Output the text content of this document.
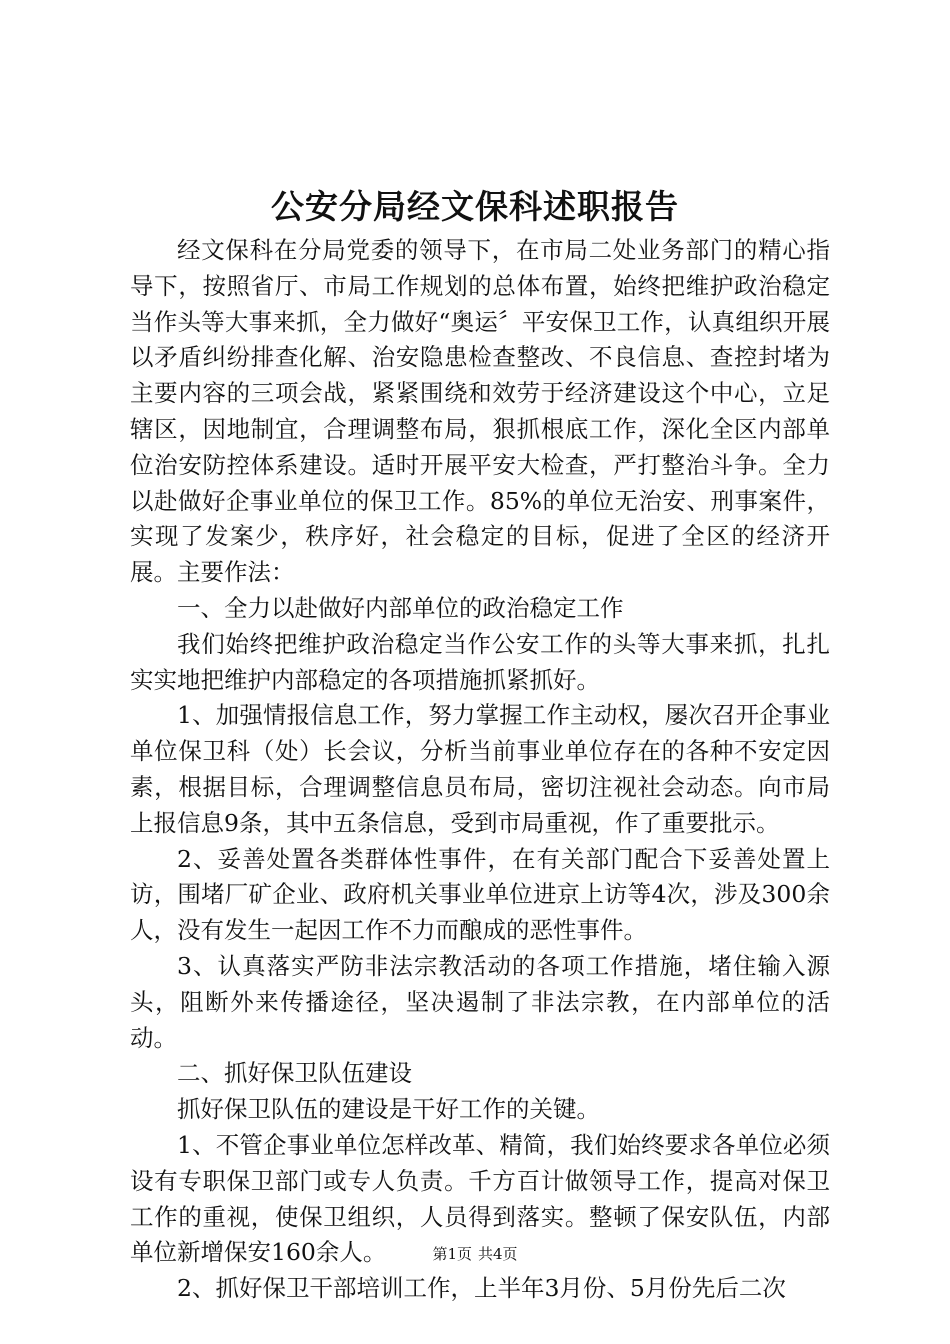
公安分局经文保科述职报告

经文保科在分局党委的领导下，在市局二处业务部门的精心指导下，按照省厅、市局工作规划的总体布置，始终把维护政治稳定当作头等大事来抓，全力做好“奥运〞平安保卫工作，认真组织开展以矛盾纠纷排查化解、治安隐患检查整改、不良信息、查控封堵为主要内容的三项会战，紧紧围绕和效劳于经济建设这个中心，立足辖区，因地制宜，合理调整布局，狠抓根底工作，深化全区内部单位治安防控体系建设。适时开展平安大检查，严打整治斗争。全力以赴做好企事业单位的保卫工作。85%的单位无治安、刑事案件，实现了发案少，秩序好，社会稳定的目标，促进了全区的经济开展。主要作法：

一、全力以赴做好内部单位的政治稳定工作

我们始终把维护政治稳定当作公安工作的头等大事来抓，扎扎实实地把维护内部稳定的各项措施抓紧抓好。

1、加强情报信息工作，努力掌握工作主动权，屡次召开企事业单位保卫科（处）长会议，分析当前事业单位存在的各种不安定因素，根据目标，合理调整信息员布局，密切注视社会动态。向市局上报信息9条，其中五条信息，受到市局重视，作了重要批示。

2、妥善处置各类群体性事件，在有关部门配合下妥善处置上访，围堵厂矿企业、政府机关事业单位进京上访等4次，涉及300余人，没有发生一起因工作不力而酿成的恶性事件。

3、认真落实严防非法宗教活动的各项工作措施，堵住输入源头，阻断外来传播途径，坚决遏制了非法宗教，在内部单位的活动。

二、抓好保卫队伍建设

抓好保卫队伍的建设是干好工作的关键。

1、不管企事业单位怎样改革、精简，我们始终要求各单位必须设有专职保卫部门或专人负责。千方百计做领导工作，提高对保卫工作的重视，使保卫组织，人员得到落实。整顿了保安队伍，内部单位新增保安160余人。

2、抓好保卫干部培训工作，上半年3月份、5月份先后二次

第1页 共4页
